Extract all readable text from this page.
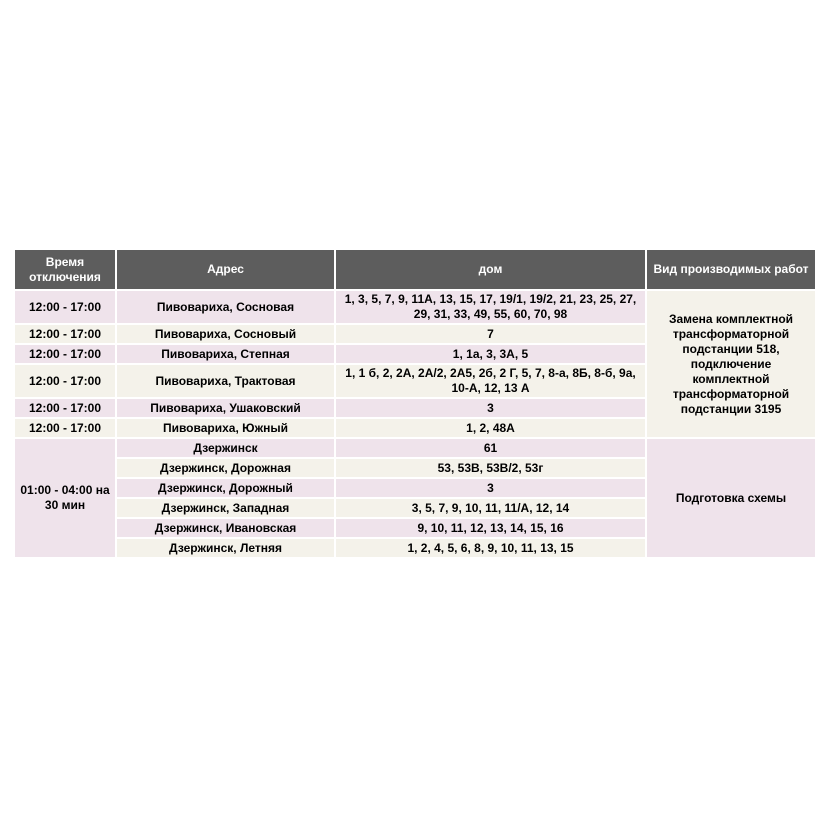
Время отключения	Адрес	дом	Вид производимых работ
12:00 - 17:00	Пивовариха, Сосновая	1, 3, 5, 7, 9, 11А, 13, 15, 17, 19/1, 19/2, 21, 23, 25, 27, 29, 31, 33, 49, 55, 60, 70, 98	Замена комплектной трансформаторной подстанции 518, подключение комплектной трансформаторной подстанции 3195
12:00 - 17:00	Пивовариха, Сосновый	7	
12:00 - 17:00	Пивовариха, Степная	1, 1а, 3, 3А, 5	
12:00 - 17:00	Пивовариха, Трактовая	1, 1 б, 2, 2А, 2А/2, 2А5, 2б, 2 Г, 5, 7, 8-а, 8Б, 8-б, 9а, 10-А, 12, 13 А	
12:00 - 17:00	Пивовариха, Ушаковский	3	
12:00 - 17:00	Пивовариха, Южный	1, 2, 48А	
01:00 - 04:00 на 30 мин	Дзержинск	61	Подготовка схемы
	Дзержинск, Дорожная	53, 53В, 53В/2, 53г	
	Дзержинск, Дорожный	3	
	Дзержинск, Западная	3, 5, 7, 9, 10, 11, 11/А, 12, 14	
	Дзержинск, Ивановская	9, 10, 11, 12, 13, 14, 15, 16	
	Дзержинск, Летняя	1, 2, 4, 5, 6, 8, 9, 10, 11, 13, 15	
